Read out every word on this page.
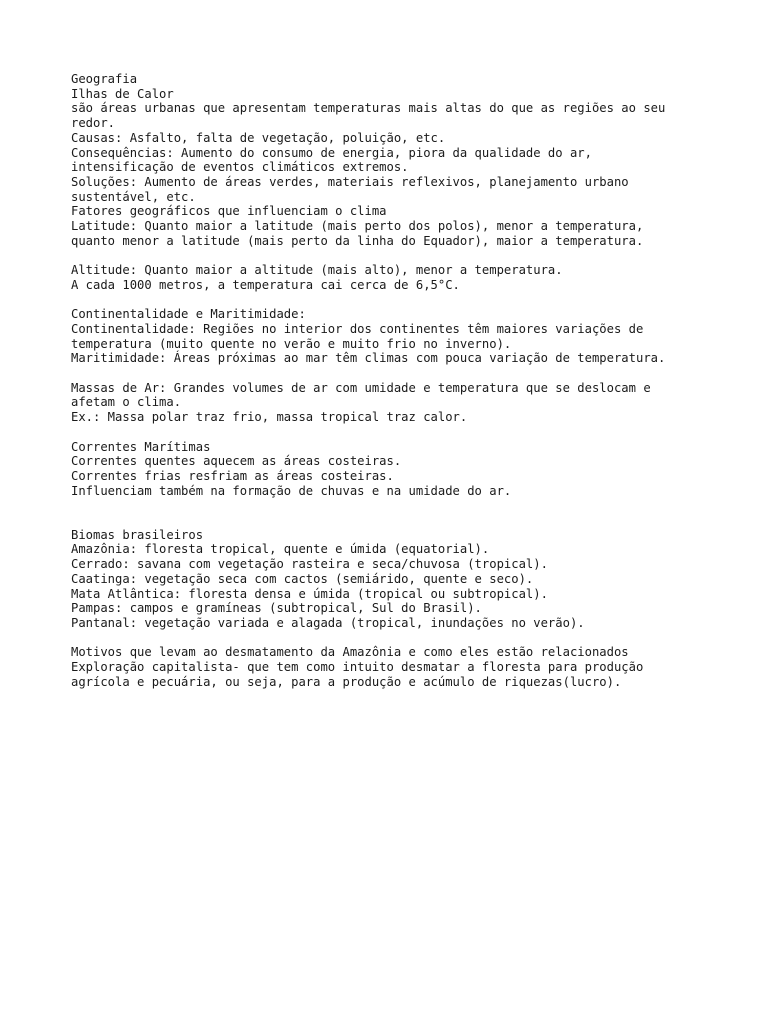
Geografia
Ilhas de Calor
são áreas urbanas que apresentam temperaturas mais altas do que as regiões ao seu
redor.
Causas: Asfalto, falta de vegetação, poluição, etc.
Consequências: Aumento do consumo de energia, piora da qualidade do ar,
intensificação de eventos climáticos extremos.
Soluções: Aumento de áreas verdes, materiais reflexivos, planejamento urbano
sustentável, etc.
Fatores geográficos que influenciam o clima
Latitude: Quanto maior a latitude (mais perto dos polos), menor a temperatura,
quanto menor a latitude (mais perto da linha do Equador), maior a temperatura.
Altitude: Quanto maior a altitude (mais alto), menor a temperatura.
A cada 1000 metros, a temperatura cai cerca de 6,5°C.
Continentalidade e Maritimidade:
Continentalidade: Regiões no interior dos continentes têm maiores variações de
temperatura (muito quente no verão e muito frio no inverno).
Maritimidade: Áreas próximas ao mar têm climas com pouca variação de temperatura.
Massas de Ar: Grandes volumes de ar com umidade e temperatura que se deslocam e
afetam o clima.
Ex.: Massa polar traz frio, massa tropical traz calor.
Correntes Marítimas
Correntes quentes aquecem as áreas costeiras.
Correntes frias resfriam as áreas costeiras.
Influenciam também na formação de chuvas e na umidade do ar.
Biomas brasileiros
Amazônia: floresta tropical, quente e úmida (equatorial).
Cerrado: savana com vegetação rasteira e seca/chuvosa (tropical).
Caatinga: vegetação seca com cactos (semiárido, quente e seco).
Mata Atlântica: floresta densa e úmida (tropical ou subtropical).
Pampas: campos e gramíneas (subtropical, Sul do Brasil).
Pantanal: vegetação variada e alagada (tropical, inundações no verão).
Motivos que levam ao desmatamento da Amazônia e como eles estão relacionados
Exploração capitalista- que tem como intuito desmatar a floresta para produção
agrícola e pecuária, ou seja, para a produção e acúmulo de riquezas(lucro).
